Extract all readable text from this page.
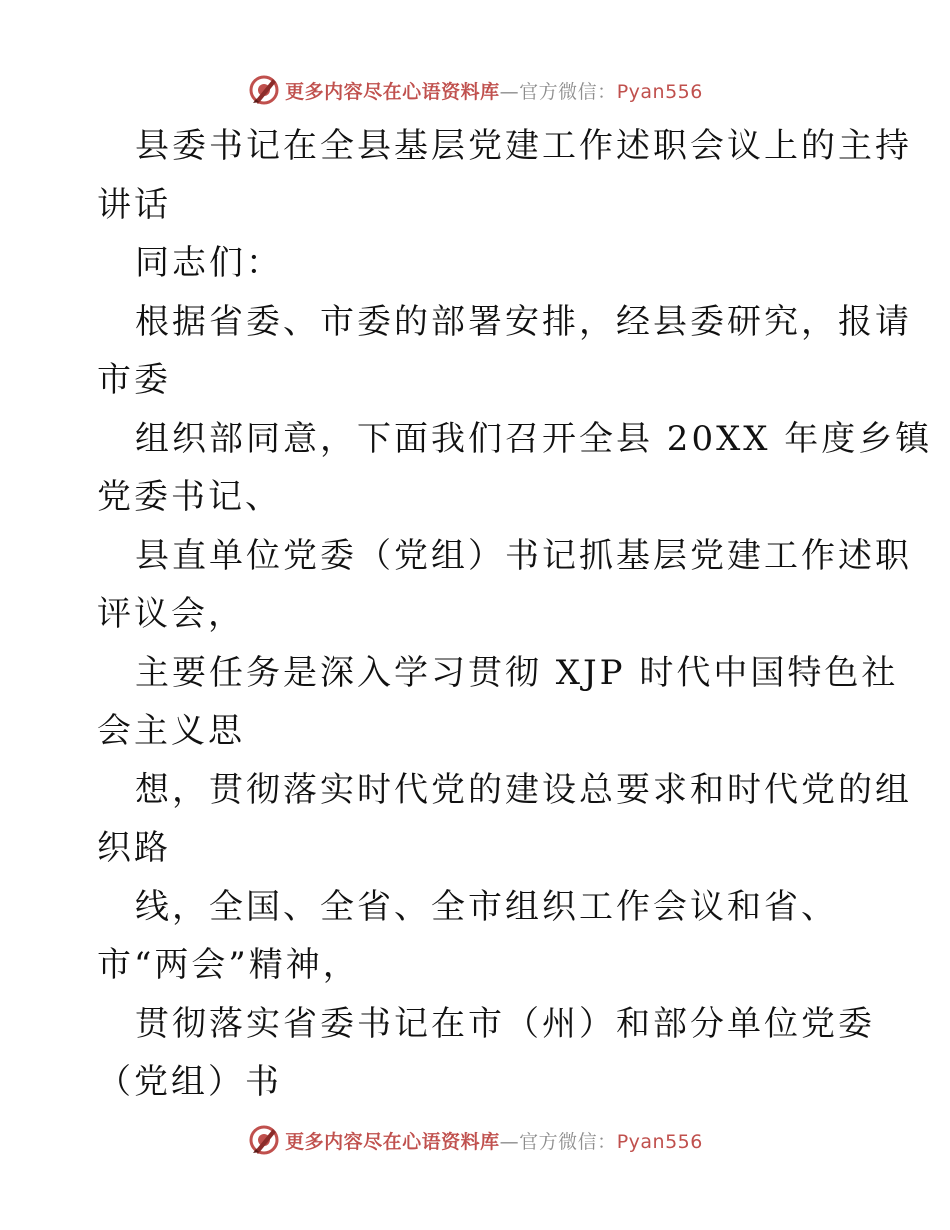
更多内容尽在心语资料库—官方微信：Pyan556
县委书记在全县基层党建工作述职会议上的主持
讲话
同志们：
根据省委、市委的部署安排，经县委研究，报请
市委
组织部同意，下面我们召开全县 20XX 年度乡镇
党委书记、
县直单位党委（党组）书记抓基层党建工作述职
评议会，
主要任务是深入学习贯彻 XJP 时代中国特色社
会主义思
想，贯彻落实时代党的建设总要求和时代党的组
织路
线，全国、全省、全市组织工作会议和省、
市“两会”精神，
贯彻落实省委书记在市（州）和部分单位党委
（党组）书
更多内容尽在心语资料库—官方微信：Pyan556
